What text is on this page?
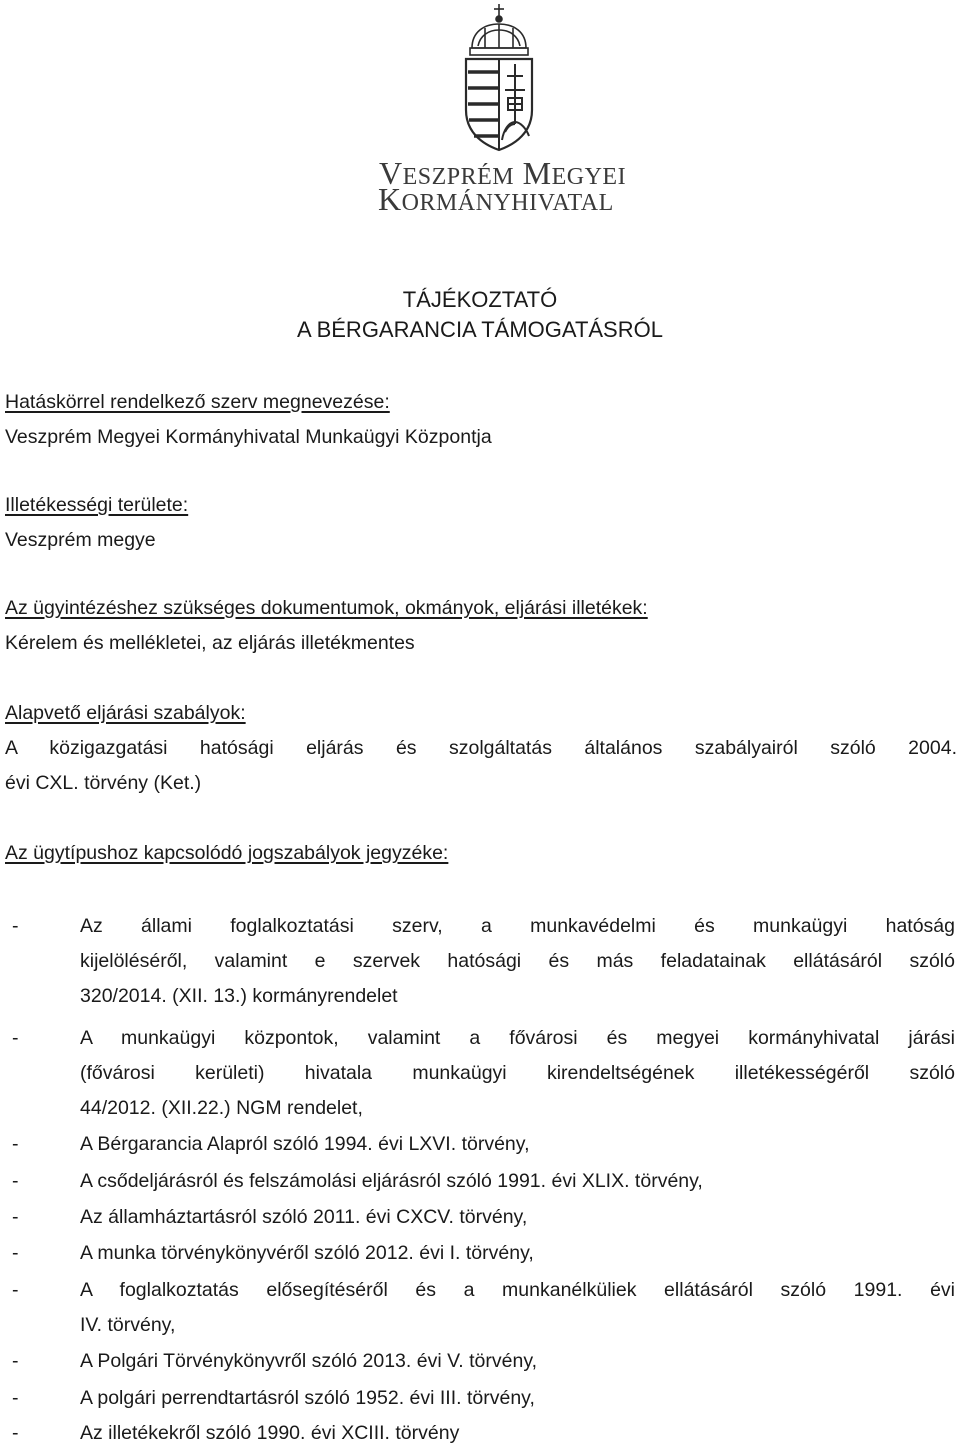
VESZPRÉM MEGYEI
KORMÁNYHIVATAL
TÁJÉKOZTATÓ
A BÉRGARANCIA TÁMOGATÁSRÓL
Hatáskörrel rendelkező szerv megnevezése:
Veszprém Megyei Kormányhivatal Munkaügyi Központja
Illetékességi területe:
Veszprém megye
Az ügyintézéshez szükséges dokumentumok, okmányok, eljárási illetékek:
Kérelem és mellékletei, az eljárás illetékmentes
Alapvető eljárási szabályok:
A közigazgatási hatósági eljárás és szolgáltatás általános szabályairól szóló 2004.
évi CXL. törvény (Ket.)
Az ügytípushoz kapcsolódó jogszabályok jegyzéke:
-	Az állami foglalkoztatási szerv, a munkavédelmi és munkaügyi hatóság
kijelöléséről, valamint e szervek hatósági és más feladatainak ellátásáról szóló
320/2014. (XII. 13.) kormányrendelet
-	A munkaügyi központok, valamint a fővárosi és megyei kormányhivatal járási
(fővárosi kerületi) hivatala munkaügyi kirendeltségének illetékességéről szóló
44/2012. (XII.22.) NGM rendelet,
-	A Bérgarancia Alapról szóló 1994. évi LXVI. törvény,
-	A csődeljárásról és felszámolási eljárásról szóló 1991. évi XLIX. törvény,
-	Az államháztartásról szóló 2011. évi CXCV. törvény,
-	A munka törvénykönyvéről szóló 2012. évi I. törvény,
-	A foglalkoztatás elősegítéséről és a munkanélküliek ellátásáról szóló 1991. évi
IV. törvény,
-	A Polgári Törvénykönyvről szóló 2013. évi V. törvény,
-	A polgári perrendtartásról szóló 1952. évi III. törvény,
-	Az illetékekről szóló 1990. évi XCIII. törvény
